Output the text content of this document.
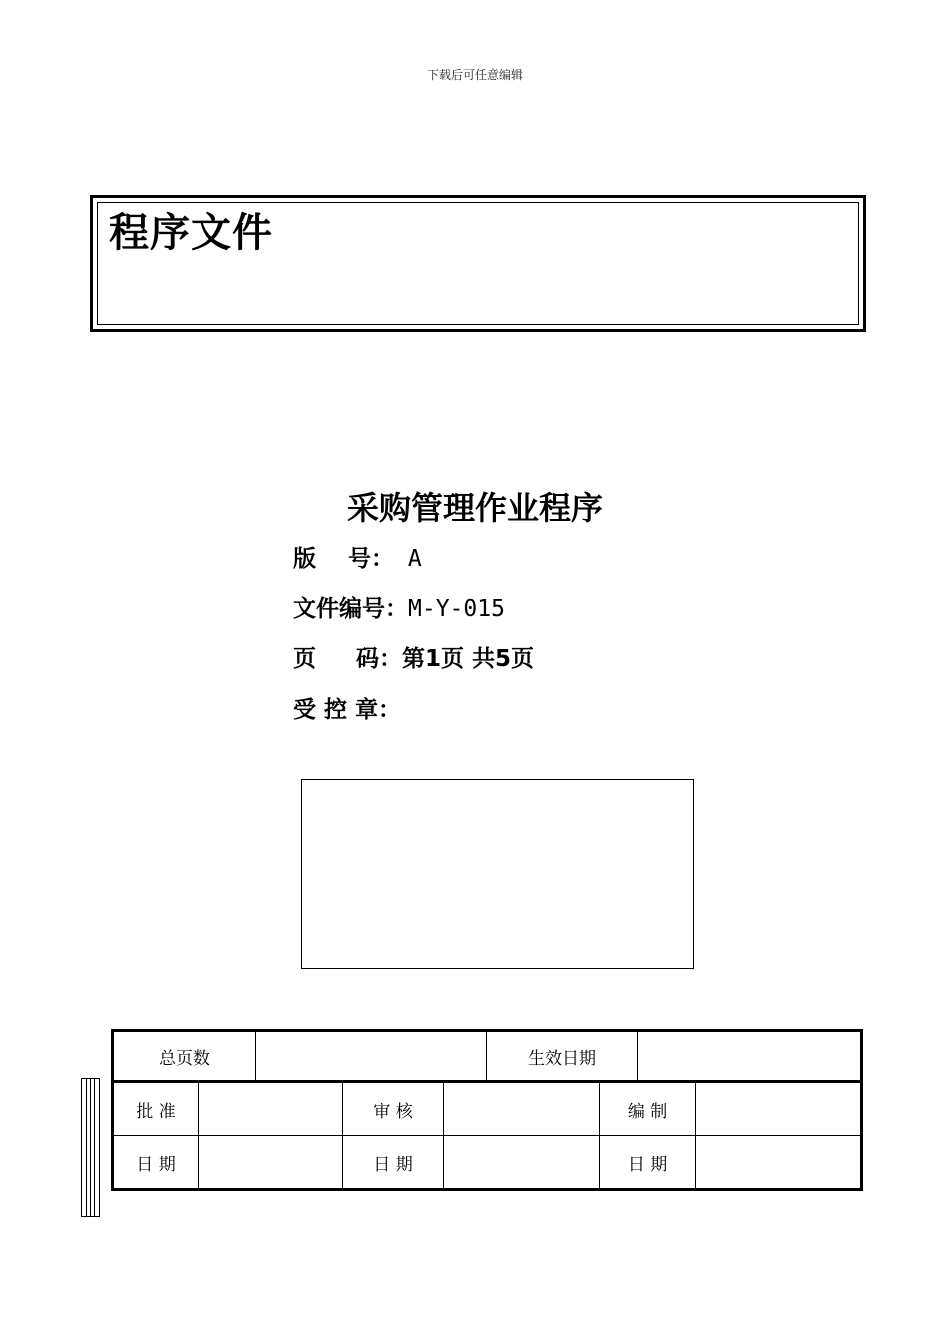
下载后可任意编辑
程序文件
采购管理作业程序
版    号： A
文件编号：M-Y-015
页     码：第1页 共5页
受 控 章：
总页数					生效日期			
批 准			审 核			编 制		
日 期			日 期			日 期		
